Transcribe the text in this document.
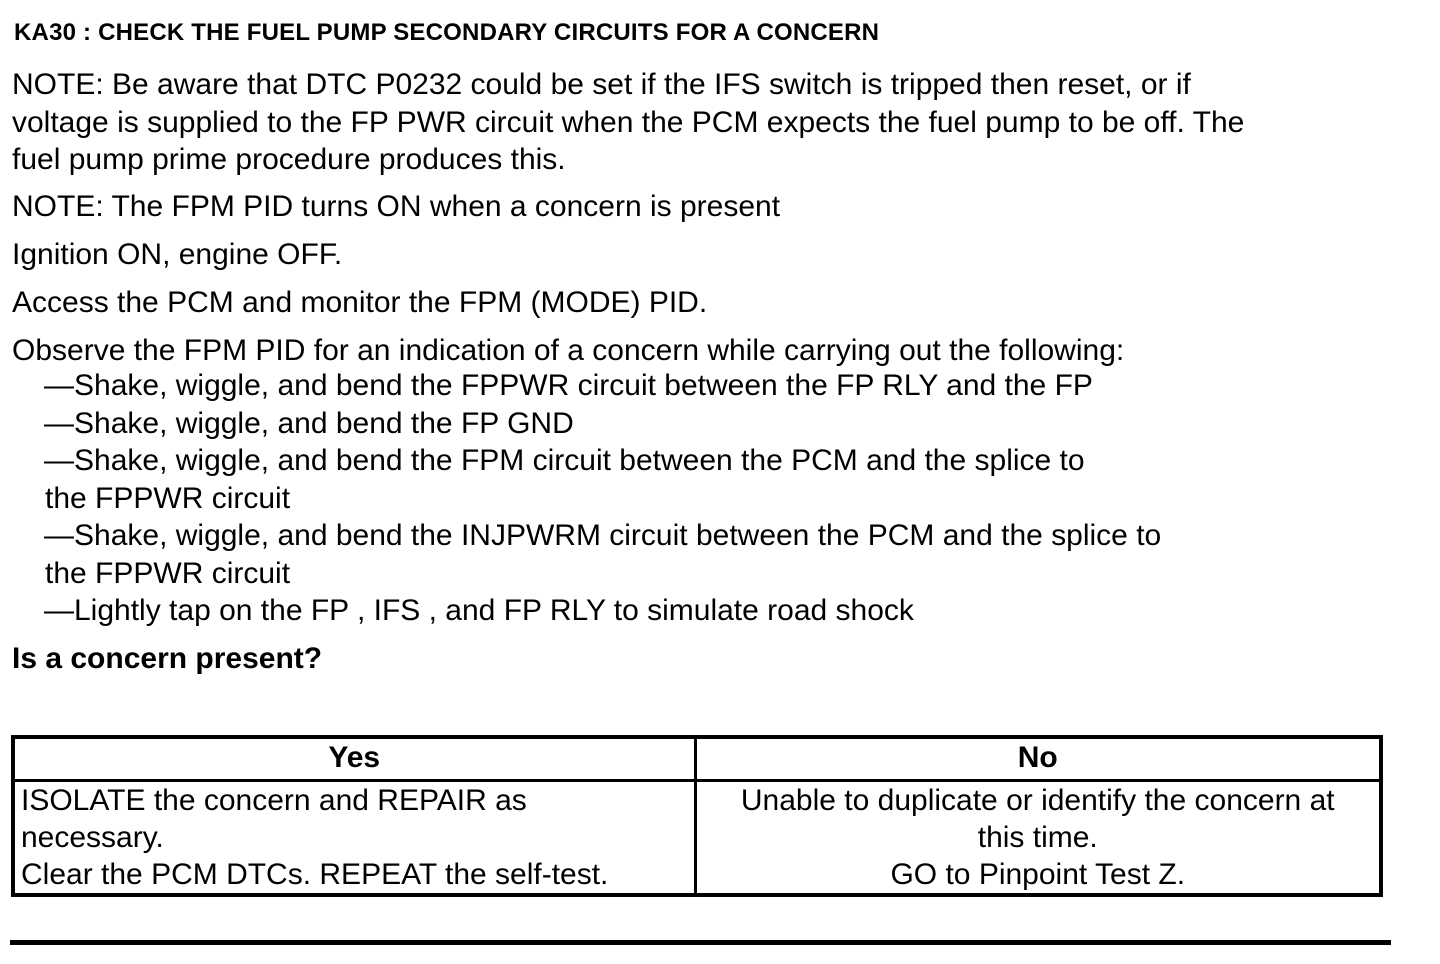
KA30 : CHECK THE FUEL PUMP SECONDARY CIRCUITS FOR A CONCERN
NOTE: Be aware that DTC P0232 could be set if the IFS switch is tripped then reset, or if
voltage is supplied to the FP PWR circuit when the PCM expects the fuel pump to be off. The
fuel pump prime procedure produces this.
NOTE: The FPM PID turns ON when a concern is present
Ignition ON, engine OFF.
Access the PCM and monitor the FPM (MODE) PID.
Observe the FPM PID for an indication of a concern while carrying out the following:
—Shake, wiggle, and bend the FPPWR circuit between the FP RLY and the FP
—Shake, wiggle, and bend the FP GND
—Shake, wiggle, and bend the FPM circuit between the PCM and the splice to
the FPPWR circuit
—Shake, wiggle, and bend the INJPWRM circuit between the PCM and the splice to
the FPPWR circuit
—Lightly tap on the FP , IFS , and FP RLY to simulate road shock
Is a concern present?
Yes	No

ISOLATE the concern and REPAIR as
necessary.
Clear the PCM DTCs. REPEAT the self-test.	Unable to duplicate or identify the concern at
this time.
GO to Pinpoint Test Z.
